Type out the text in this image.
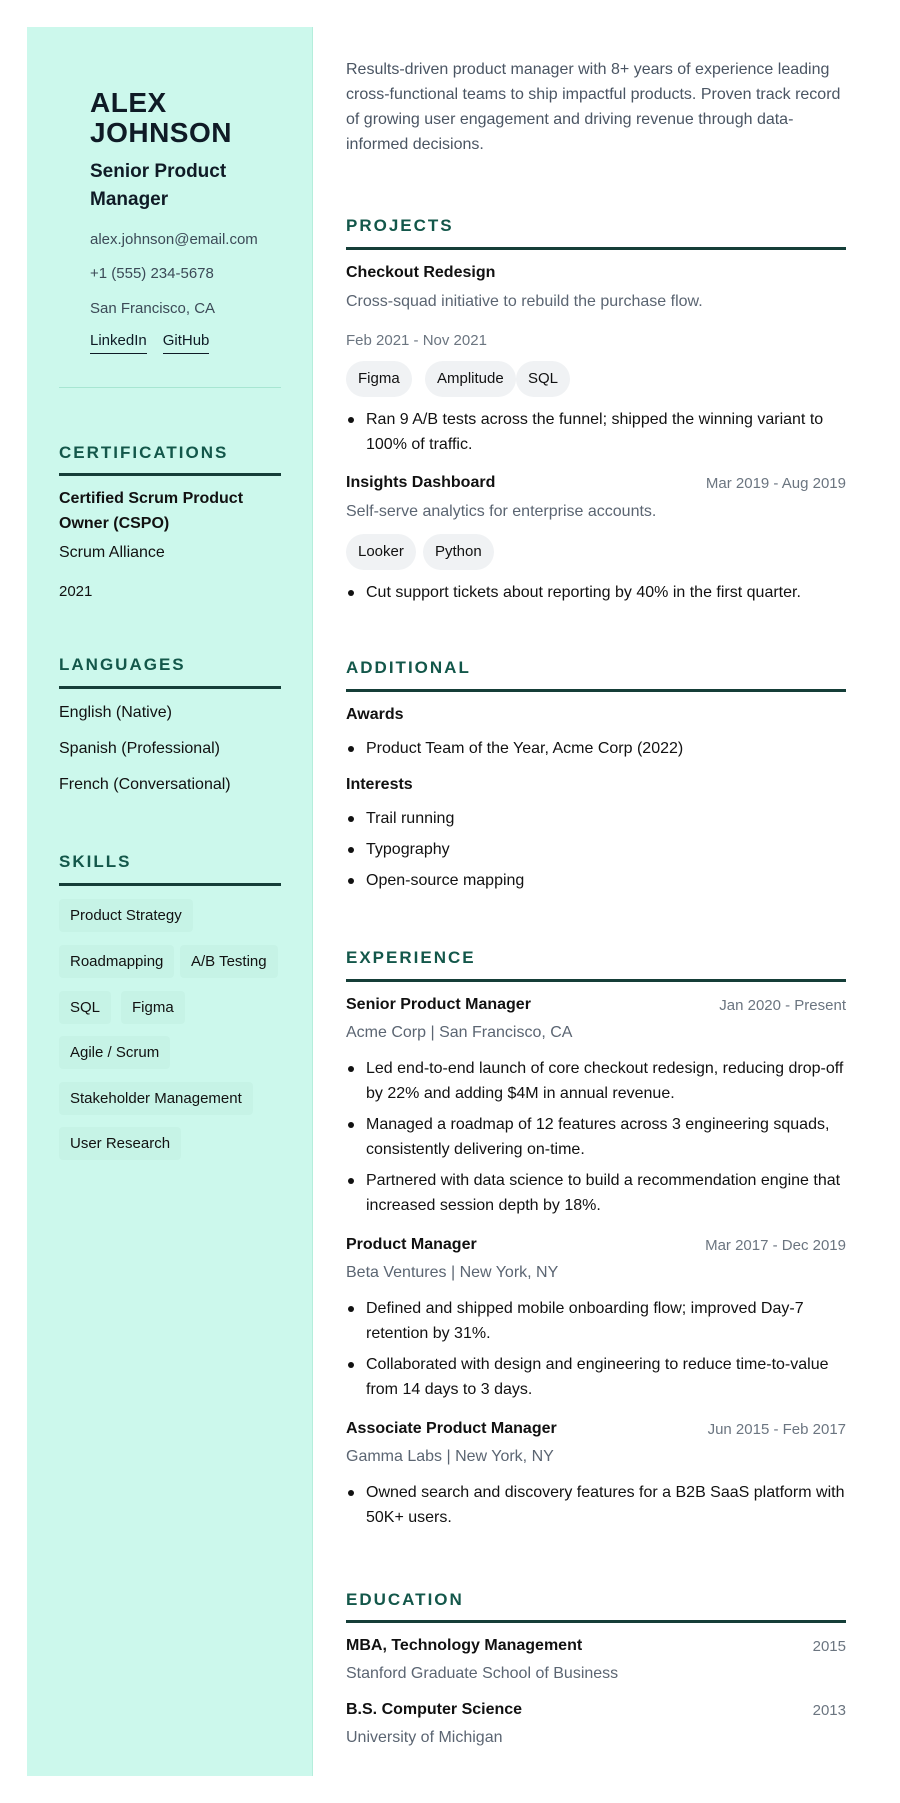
ALEX JOHNSON
Senior Product Manager
alex.johnson@email.com
+1 (555) 234-5678
San Francisco, CA
LinkedIn GitHub
CERTIFICATIONS
Certified Scrum Product Owner (CSPO)
Scrum Alliance
2021
LANGUAGES
English (Native)
Spanish (Professional)
French (Conversational)
SKILLS
Product Strategy
Roadmapping	A/B Testing
SQL	Figma
Agile / Scrum
Stakeholder Management
User Research
Results-driven product manager with 8+ years of experience leading cross-functional teams to ship impactful products. Proven track record of growing user engagement and driving revenue through data-informed decisions.
PROJECTS
Checkout Redesign
Cross-squad initiative to rebuild the purchase flow.
Feb 2021 - Nov 2021
Figma	Amplitude	SQL
Ran 9 A/B tests across the funnel; shipped the winning variant to 100% of traffic.
Insights Dashboard	Mar 2019 - Aug 2019
Self-serve analytics for enterprise accounts.
Looker	Python
Cut support tickets about reporting by 40% in the first quarter.
ADDITIONAL
Awards
Product Team of the Year, Acme Corp (2022)
Interests
Trail running
Typography
Open-source mapping
EXPERIENCE
Senior Product Manager	Jan 2020 - Present
Acme Corp | San Francisco, CA
Led end-to-end launch of core checkout redesign, reducing drop-off by 22% and adding $4M in annual revenue.
Managed a roadmap of 12 features across 3 engineering squads, consistently delivering on-time.
Partnered with data science to build a recommendation engine that increased session depth by 18%.
Product Manager	Mar 2017 - Dec 2019
Beta Ventures | New York, NY
Defined and shipped mobile onboarding flow; improved Day-7 retention by 31%.
Collaborated with design and engineering to reduce time-to-value from 14 days to 3 days.
Associate Product Manager	Jun 2015 - Feb 2017
Gamma Labs | New York, NY
Owned search and discovery features for a B2B SaaS platform with 50K+ users.
EDUCATION
MBA, Technology Management	2015
Stanford Graduate School of Business
B.S. Computer Science	2013
University of Michigan
